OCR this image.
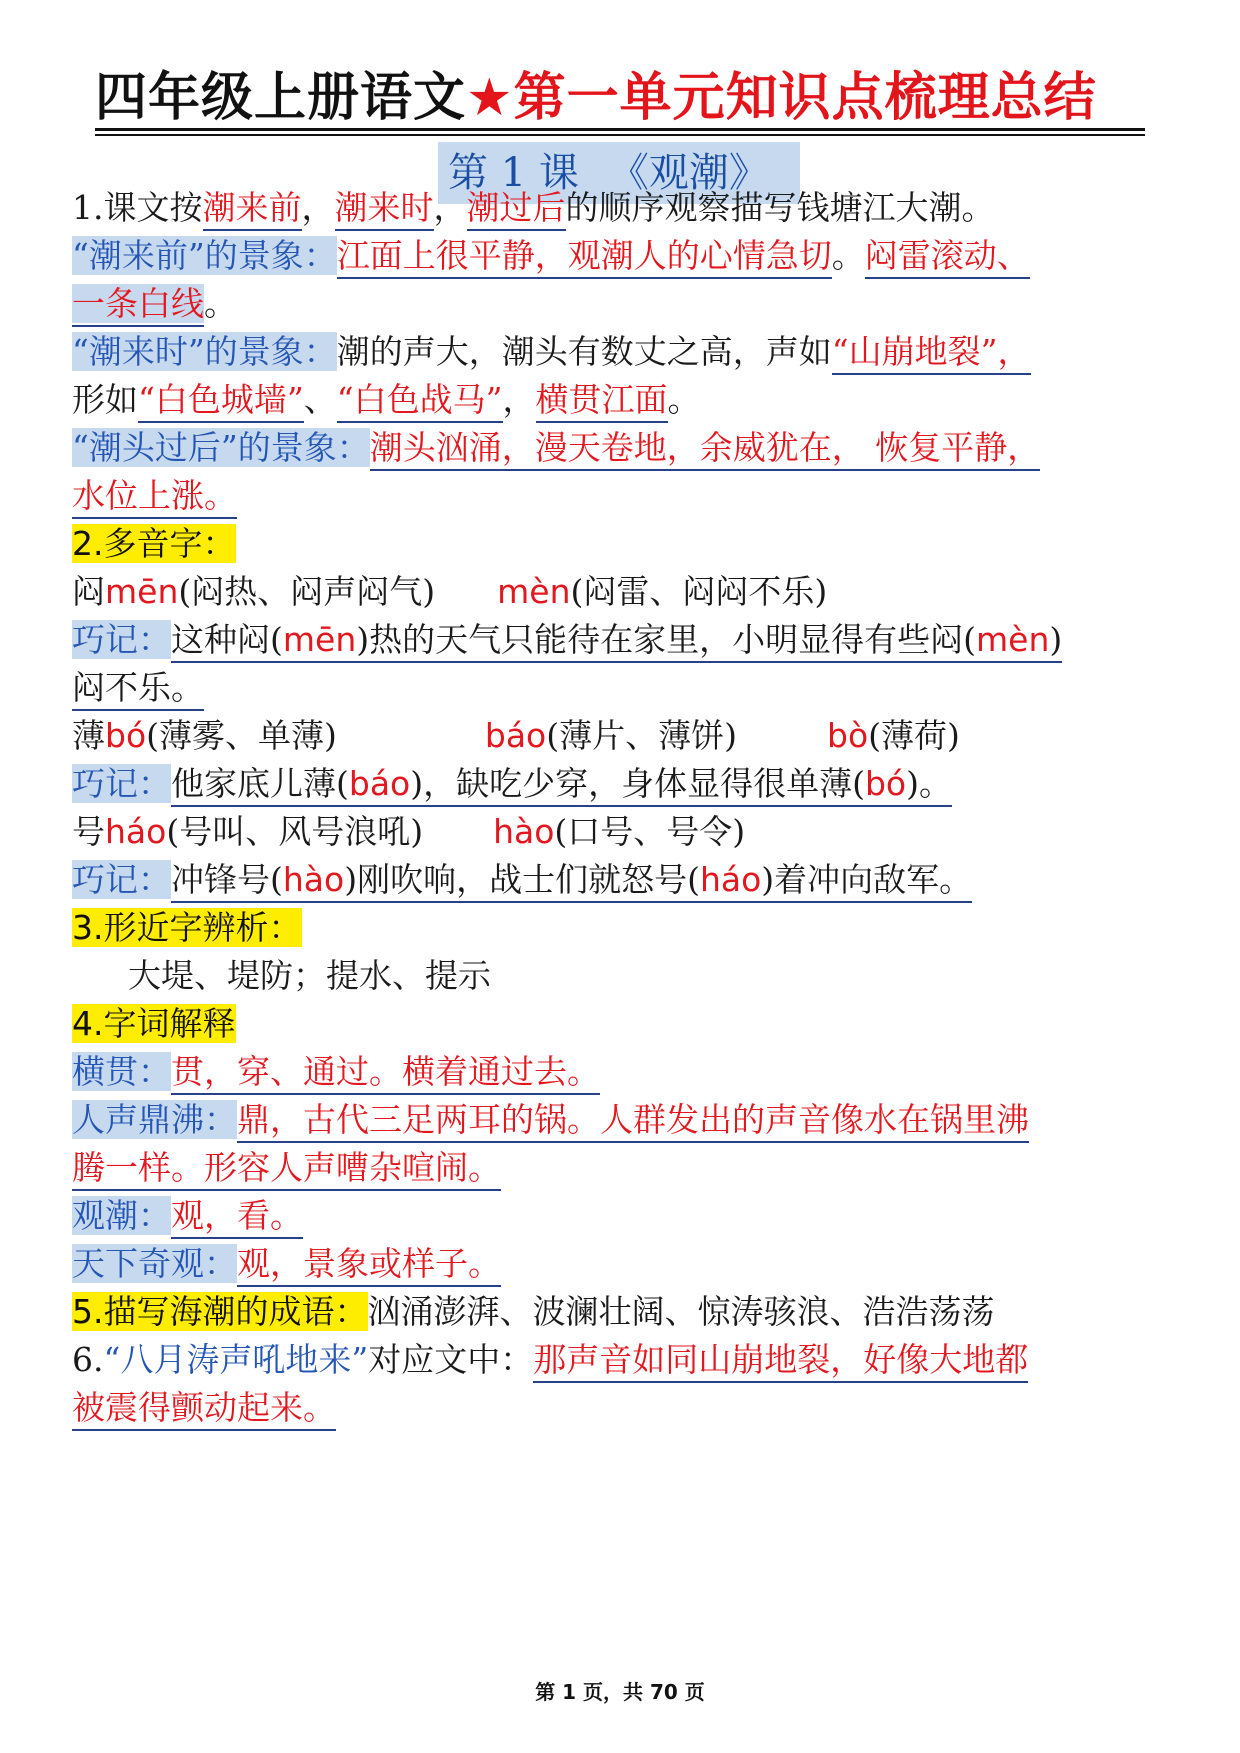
四年级上册语文★第一单元知识点梳理总结
第 1 课 《观潮》
1.课文按潮来前，潮来时，潮过后的顺序观察描写钱塘江大潮。
“潮来前”的景象：江面上很平静，观潮人的心情急切。闷雷滚动、
一条白线。
“潮来时”的景象：潮的声大，潮头有数丈之高，声如“山崩地裂”，
形如“白色城墙”、“白色战马”，横贯江面。
“潮头过后”的景象：潮头汹涌，漫天卷地，余威犹在， 恢复平静，
水位上涨。
2.多音字：
闷mēn(闷热、闷声闷气) mèn(闷雷、闷闷不乐)
巧记：这种闷(mēn)热的天气只能待在家里，小明显得有些闷(mèn)
闷不乐。
薄bó(薄雾、单薄)	báo(薄片、薄饼)	bò(薄荷)
巧记：他家底儿薄(báo)，缺吃少穿，身体显得很单薄(bó)。
号háo(号叫、风号浪吼) hào(口号、号令)
巧记：冲锋号(hào)刚吹响，战士们就怒号(háo)着冲向敌军。
3.形近字辨析：
大堤、堤防；提水、提示
4.字词解释
横贯：贯，穿、通过。横着通过去。
人声鼎沸：鼎，古代三足两耳的锅。人群发出的声音像水在锅里沸
腾一样。形容人声嘈杂喧闹。
观潮：观，看。
天下奇观：观，景象或样子。
5.描写海潮的成语：汹涌澎湃、波澜壮阔、惊涛骇浪、浩浩荡荡
6.“八月涛声吼地来”对应文中：那声音如同山崩地裂，好像大地都
被震得颤动起来。
第 1 页，共 70 页
